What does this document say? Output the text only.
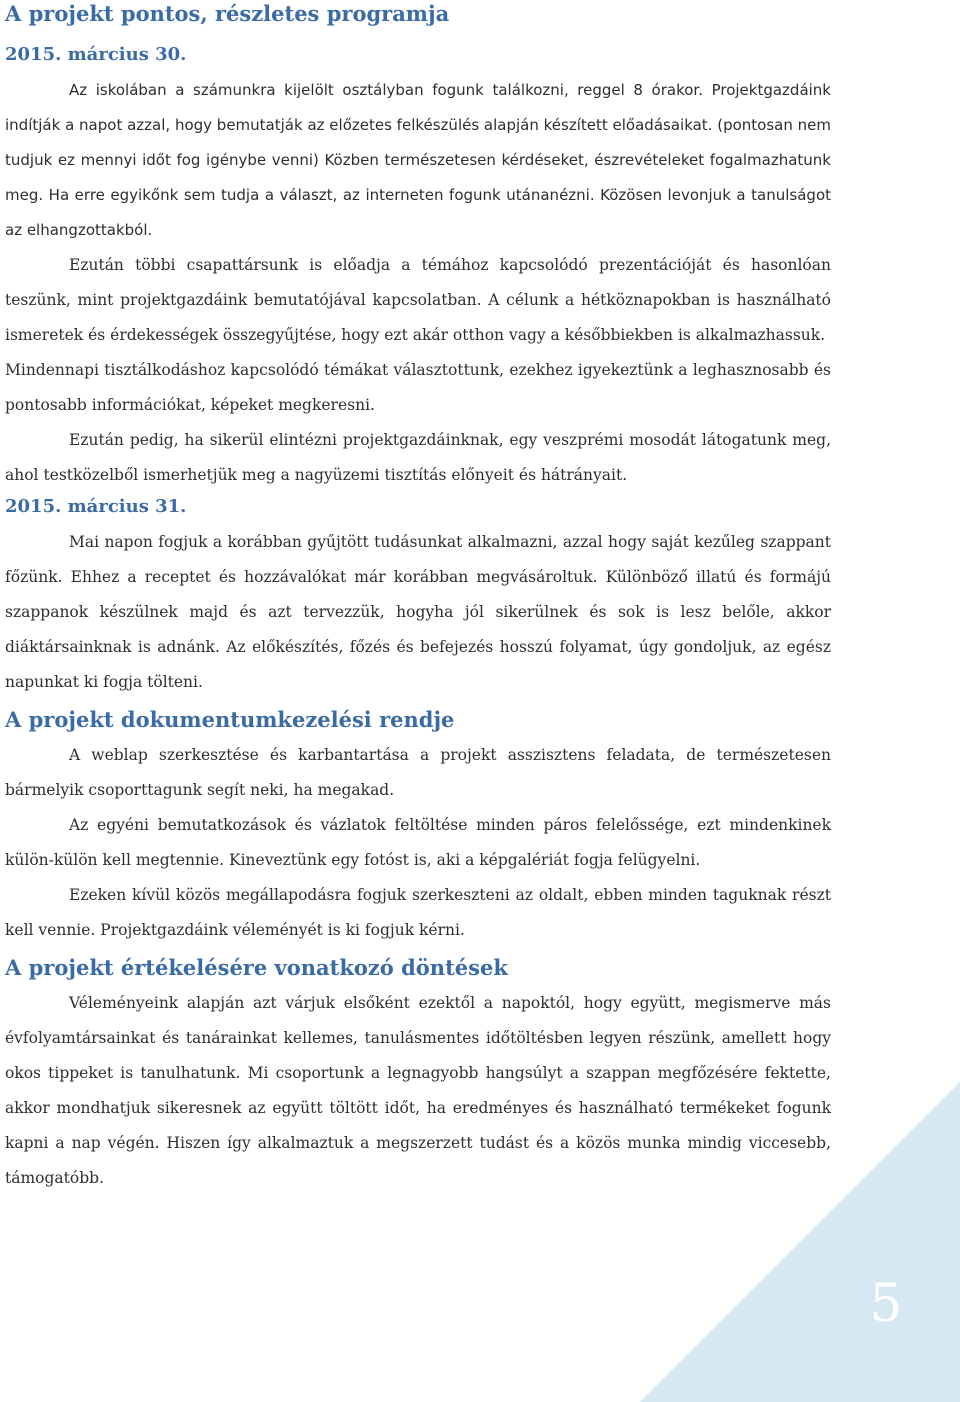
A projekt pontos, részletes programja
2015. március 30.

Az iskolában a számunkra kijelölt osztályban fogunk találkozni, reggel 8 órakor. Projektgazdáink indítják a napot azzal, hogy bemutatják az előzetes felkészülés alapján készített előadásaikat. (pontosan nem tudjuk ez mennyi időt fog igénybe venni) Közben természetesen kérdéseket, észrevételeket fogalmazhatunk meg. Ha erre egyikőnk sem tudja a választ, az interneten fogunk utánanézni. Közösen levonjuk a tanulságot az elhangzottakból.

Ezután többi csapattársunk is előadja a témához kapcsolódó prezentációját és hasonlóan teszünk, mint projektgazdáink bemutatójával kapcsolatban. A célunk a hétköznapokban is használható ismeretek és érdekességek összegyűjtése, hogy ezt akár otthon vagy a későbbiekben is alkalmazhassuk.

Mindennapi tisztálkodáshoz kapcsolódó témákat választottunk, ezekhez igyekeztünk a leghasznosabb és pontosabb információkat, képeket megkeresni.

Ezután pedig, ha sikerül elintézni projektgazdáinknak, egy veszprémi mosodát látogatunk meg, ahol testközelből ismerhetjük meg a nagyüzemi tisztítás előnyeit és hátrányait.

2015. március 31.

Mai napon fogjuk a korábban gyűjtött tudásunkat alkalmazni, azzal hogy saját kezűleg szappant főzünk. Ehhez a receptet és hozzávalókat már korábban megvásároltuk. Különböző illatú és formájú szappanok készülnek majd és azt tervezzük, hogyha jól sikerülnek és sok is lesz belőle, akkor diáktársainknak is adnánk. Az előkészítés, főzés és befejezés hosszú folyamat, úgy gondoljuk, az egész napunkat ki fogja tölteni.

A projekt dokumentumkezelési rendje

A weblap szerkesztése és karbantartása a projekt asszisztens feladata, de természetesen bármelyik csoporttagunk segít neki, ha megakad.

Az egyéni bemutatkozások és vázlatok feltöltése minden páros felelőssége, ezt mindenkinek külön-külön kell megtennie. Kineveztünk egy fotóst is, aki a képgalériát fogja felügyelni.

Ezeken kívül közös megállapodásra fogjuk szerkeszteni az oldalt, ebben minden taguknak részt kell vennie. Projektgazdáink véleményét is ki fogjuk kérni.

A projekt értékelésére vonatkozó döntések

Véleményeink alapján azt várjuk elsőként ezektől a napoktól, hogy együtt, megismerve más évfolyamtársainkat és tanárainkat kellemes, tanulásmentes időtöltésben legyen részünk, amellett hogy okos tippeket is tanulhatunk. Mi csoportunk a legnagyobb hangsúlyt a szappan megfőzésére fektette, akkor mondhatjuk sikeresnek az együtt töltött időt, ha eredményes és használható termékeket fogunk kapni a nap végén. Hiszen így alkalmaztuk a megszerzett tudást és a közös munka mindig viccesebb, támogatóbb.

5
